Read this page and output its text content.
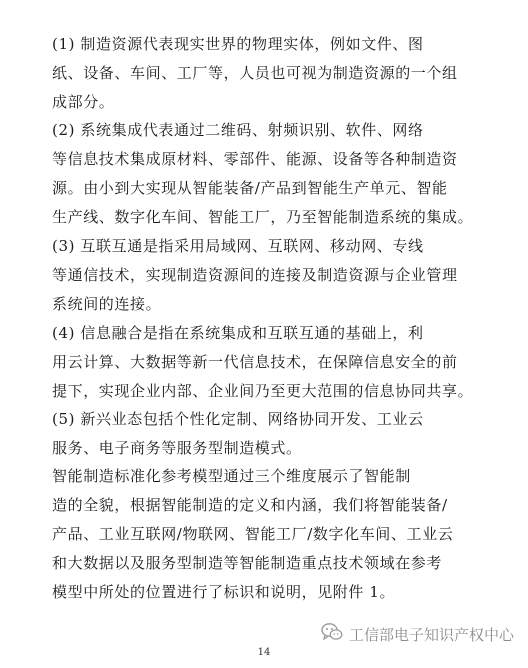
(1) 制造资源代表现实世界的物理实体，例如文件、图
纸、设备、车间、工厂等，人员也可视为制造资源的一个组
成部分。
(2) 系统集成代表通过二维码、射频识别、软件、网络
等信息技术集成原材料、零部件、能源、设备等各种制造资
源。由小到大实现从智能装备/产品到智能生产单元、智能
生产线、数字化车间、智能工厂，乃至智能制造系统的集成。
(3) 互联互通是指采用局域网、互联网、移动网、专线
等通信技术，实现制造资源间的连接及制造资源与企业管理
系统间的连接。
(4) 信息融合是指在系统集成和互联互通的基础上，利
用云计算、大数据等新一代信息技术，在保障信息安全的前
提下，实现企业内部、企业间乃至更大范围的信息协同共享。
(5) 新兴业态包括个性化定制、网络协同开发、工业云
服务、电子商务等服务型制造模式。
智能制造标准化参考模型通过三个维度展示了智能制
造的全貌，根据智能制造的定义和内涵，我们将智能装备/
产品、工业互联网/物联网、智能工厂/数字化车间、工业云
和大数据以及服务型制造等智能制造重点技术领域在参考
模型中所处的位置进行了标识和说明，见附件 1。
工信部电子知识产权中心
14
